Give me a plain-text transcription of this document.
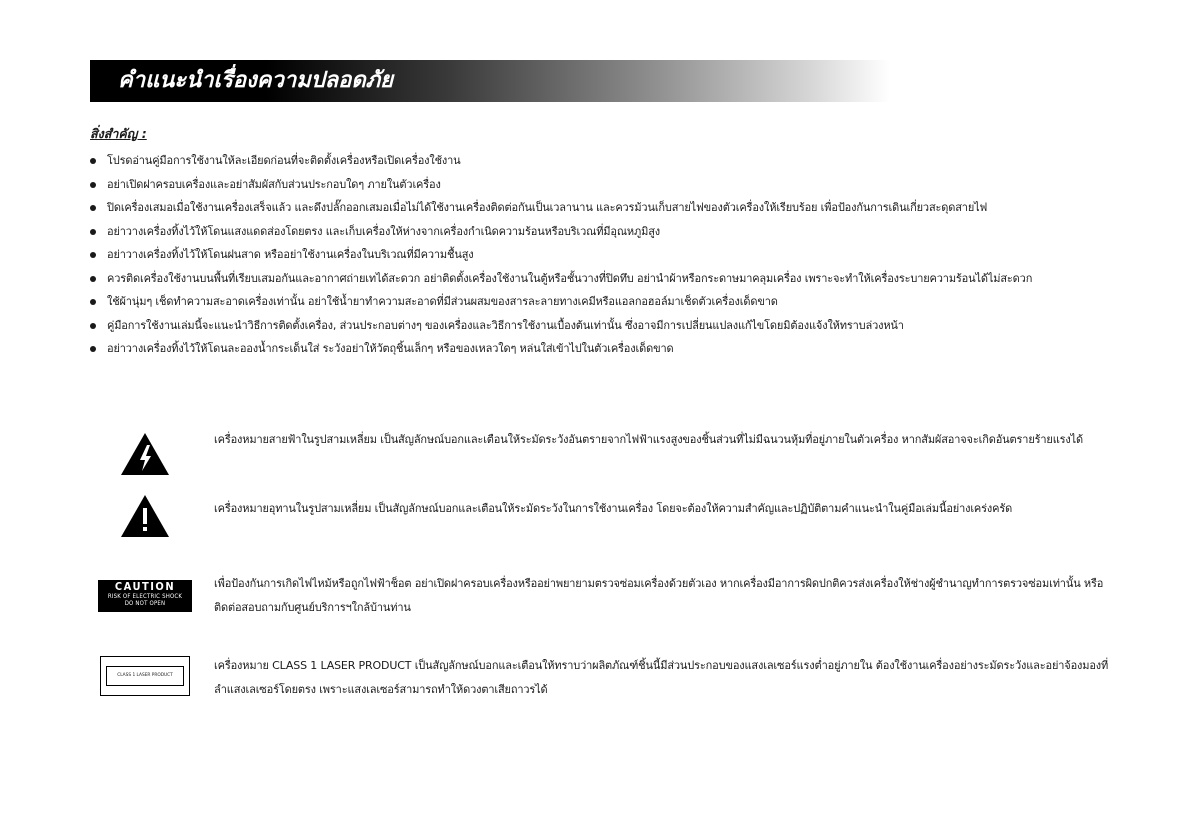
คำแนะนำเรื่องความปลอดภัย
สิ่งสำคัญ :
โปรดอ่านคู่มือการใช้งานให้ละเอียดก่อนที่จะติดตั้งเครื่องหรือเปิดเครื่องใช้งาน
อย่าเปิดฝาครอบเครื่องและอย่าสัมผัสกับส่วนประกอบใดๆ ภายในตัวเครื่อง
ปิดเครื่องเสมอเมื่อใช้งานเครื่องเสร็จแล้ว และดึงปลั๊กออกเสมอเมื่อไม่ได้ใช้งานเครื่องติดต่อกันเป็นเวลานาน และควรม้วนเก็บสายไฟของตัวเครื่องให้เรียบร้อย เพื่อป้องกันการเดินเกี่ยวสะดุดสายไฟ
อย่าวางเครื่องทิ้งไว้ให้โดนแสงแดดส่องโดยตรง และเก็บเครื่องให้ห่างจากเครื่องกำเนิดความร้อนหรือบริเวณที่มีอุณหภูมิสูง
อย่าวางเครื่องทิ้งไว้ให้โดนฝนสาด หรืออย่าใช้งานเครื่องในบริเวณที่มีความชื้นสูง
ควรติดเครื่องใช้งานบนพื้นที่เรียบเสมอกันและอากาศถ่ายเทได้สะดวก อย่าติดตั้งเครื่องใช้งานในตู้หรือชั้นวางที่ปิดทึบ อย่านำผ้าหรือกระดาษมาคลุมเครื่อง เพราะจะทำให้เครื่องระบายความร้อนได้ไม่สะดวก
ใช้ผ้านุ่มๆ เช็ดทำความสะอาดเครื่องเท่านั้น อย่าใช้น้ำยาทำความสะอาดที่มีส่วนผสมของสารละลายทางเคมีหรือแอลกอฮอล์มาเช็ดตัวเครื่องเด็ดขาด
คู่มือการใช้งานเล่มนี้จะแนะนำวิธีการติดตั้งเครื่อง, ส่วนประกอบต่างๆ ของเครื่องและวิธีการใช้งานเบื้องต้นเท่านั้น ซึ่งอาจมีการเปลี่ยนแปลงแก้ไขโดยมิต้องแจ้งให้ทราบล่วงหน้า
อย่าวางเครื่องทิ้งไว้ให้โดนละอองน้ำกระเด็นใส่ ระวังอย่าให้วัตถุชิ้นเล็กๆ หรือของเหลวใดๆ หล่นใส่เข้าไปในตัวเครื่องเด็ดขาด
เครื่องหมายสายฟ้าในรูปสามเหลี่ยม เป็นสัญลักษณ์บอกและเตือนให้ระมัดระวังอันตรายจากไฟฟ้าแรงสูงของชิ้นส่วนที่ไม่มีฉนวนหุ้มที่อยู่ภายในตัวเครื่อง หากสัมผัสอาจจะเกิดอันตรายร้ายแรงได้
เครื่องหมายอุทานในรูปสามเหลี่ยม เป็นสัญลักษณ์บอกและเตือนให้ระมัดระวังในการใช้งานเครื่อง โดยจะต้องให้ความสำคัญและปฏิบัติตามคำแนะนำในคู่มือเล่มนี้อย่างเคร่งครัด
CAUTION
RISK OF ELECTRIC SHOCK
DO NOT OPEN
เพื่อป้องกันการเกิดไฟไหม้หรือถูกไฟฟ้าช็อต อย่าเปิดฝาครอบเครื่องหรืออย่าพยายามตรวจซ่อมเครื่องด้วยตัวเอง หากเครื่องมีอาการผิดปกติควรส่งเครื่องให้ช่างผู้ชำนาญทำการตรวจซ่อมเท่านั้น หรือติดต่อสอบถามกับศูนย์บริการฯใกล้บ้านท่าน
CLASS 1 LASER PRODUCT
เครื่องหมาย CLASS 1 LASER PRODUCT เป็นสัญลักษณ์บอกและเตือนให้ทราบว่าผลิตภัณฑ์ชิ้นนี้มีส่วนประกอบของแสงเลเซอร์แรงต่ำอยู่ภายใน ต้องใช้งานเครื่องอย่างระมัดระวังและอย่าจ้องมองที่ลำแสงเลเซอร์โดยตรง เพราะแสงเลเซอร์สามารถทำให้ดวงตาเสียถาวรได้
